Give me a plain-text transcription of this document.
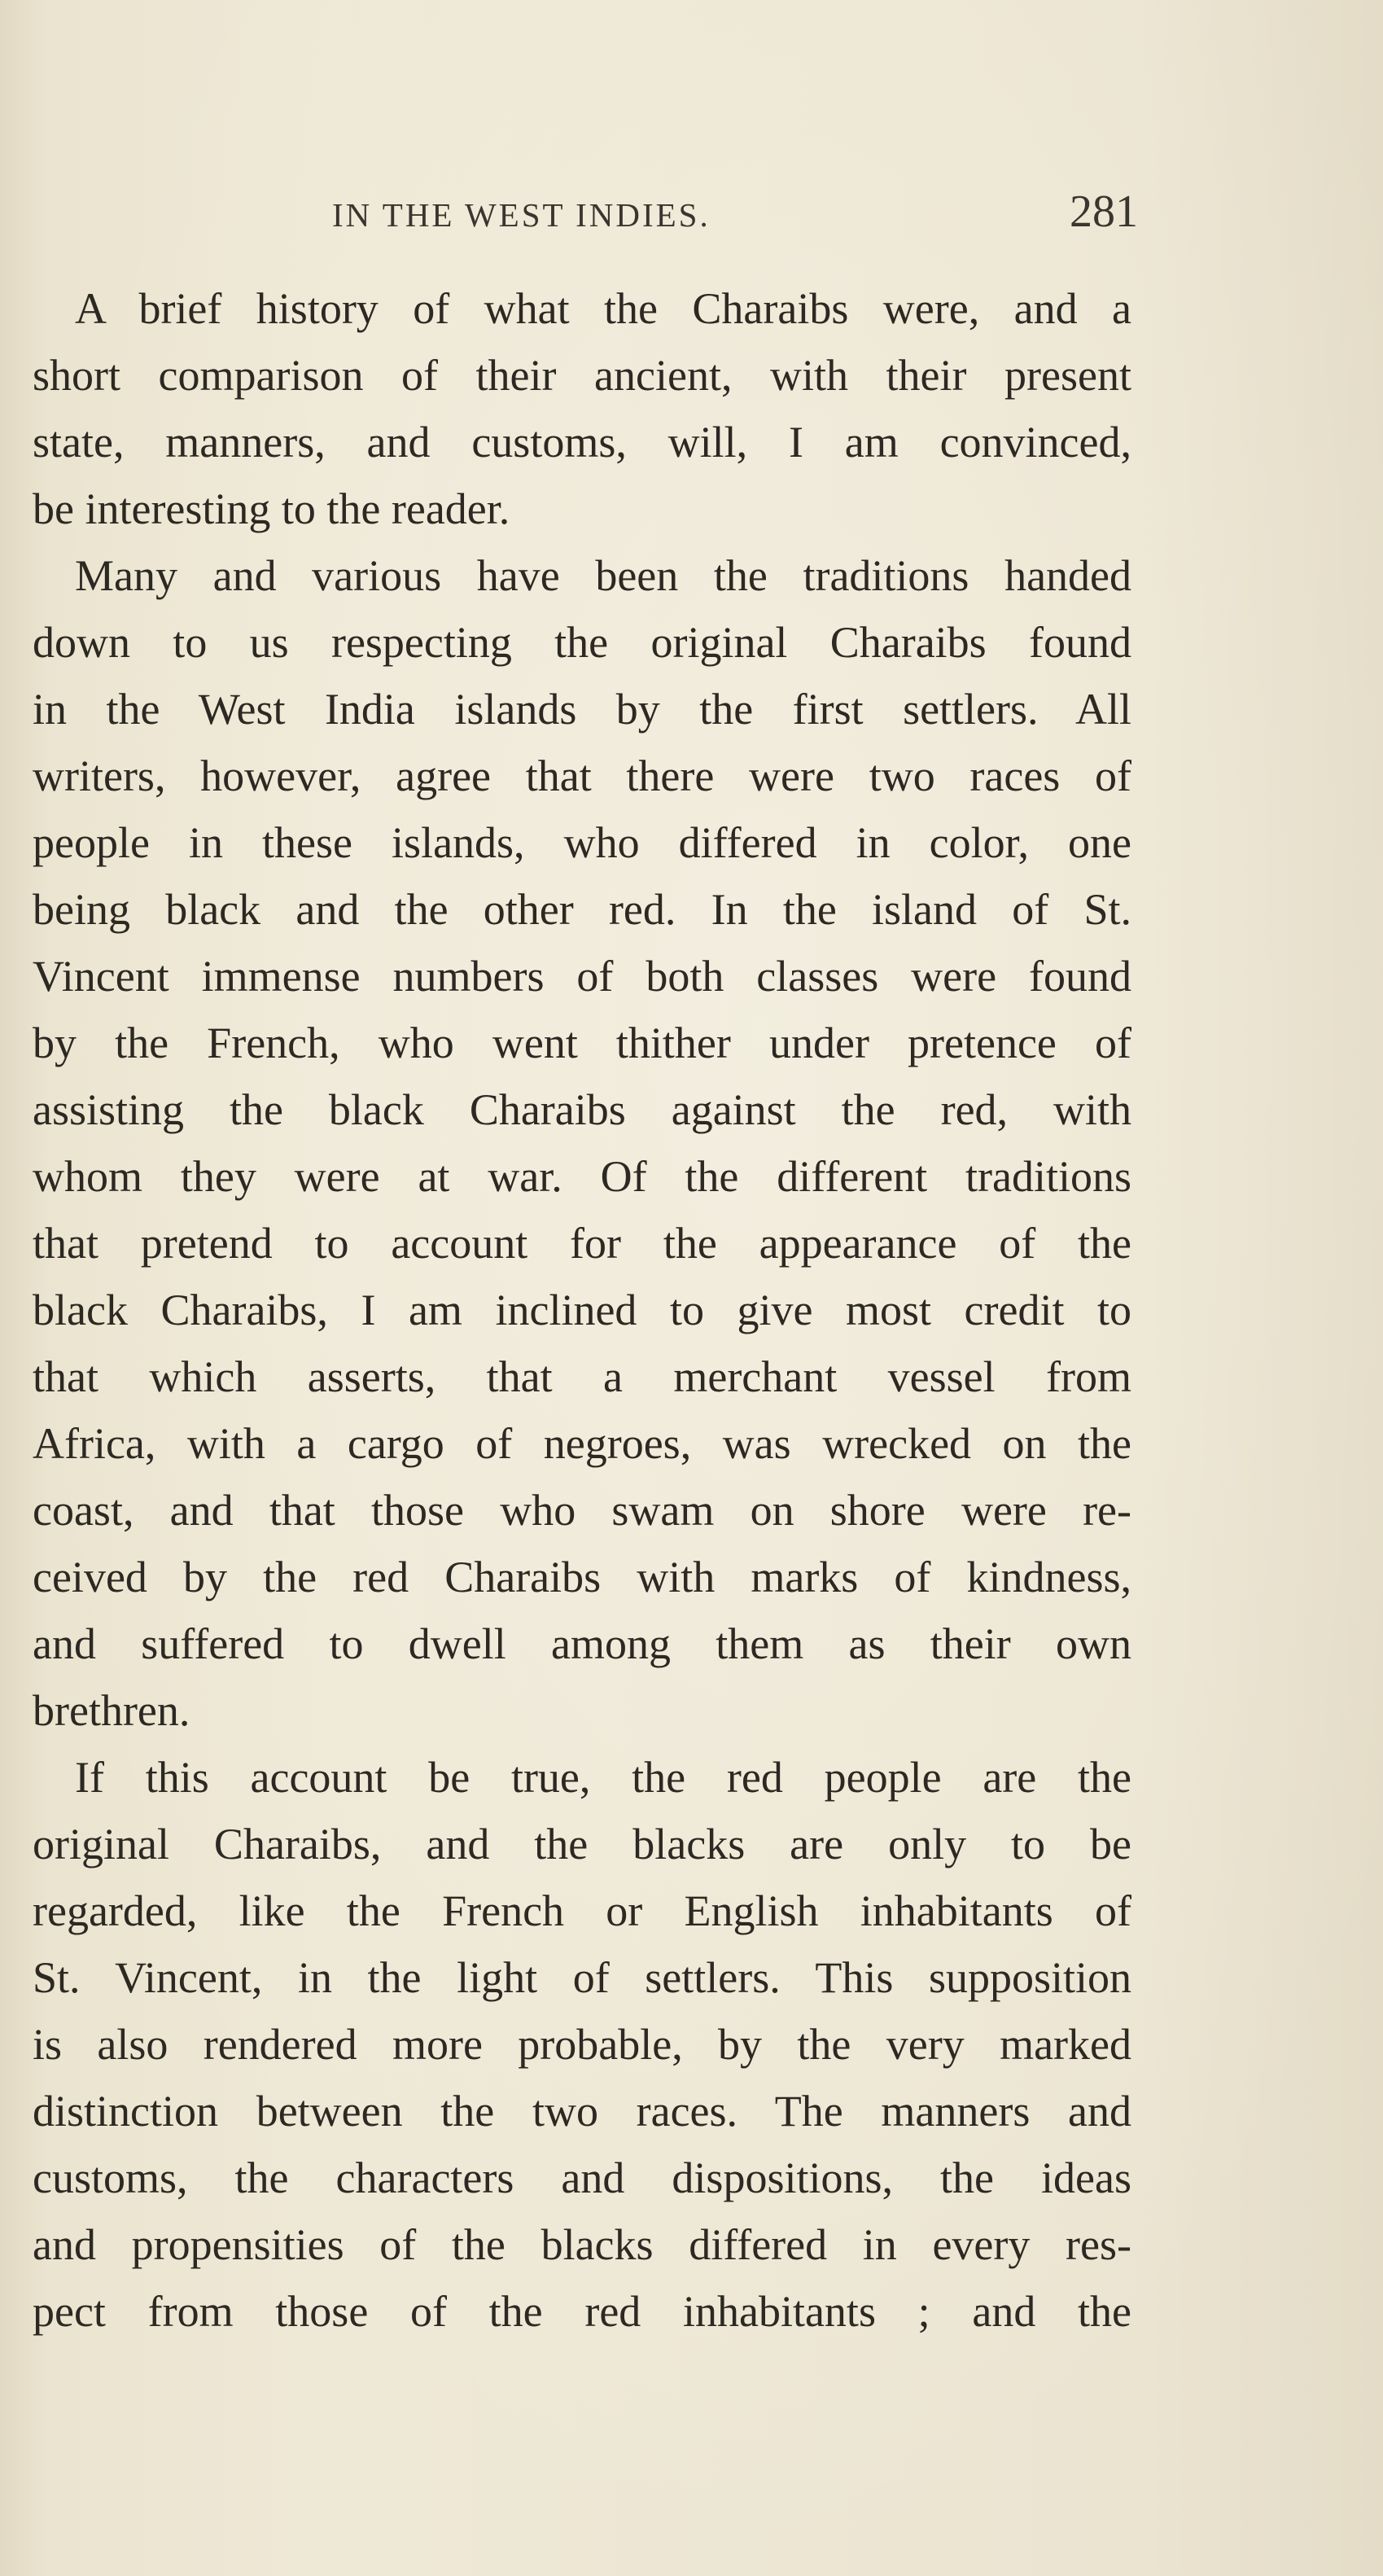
IN THE WEST INDIES.	281
A brief history of what the Charaibs were, and a
short comparison of their ancient, with their present
state, manners, and customs, will, I am convinced,
be interesting to the reader.
Many and various have been the traditions handed
down to us respecting the original Charaibs found
in the West India islands by the first settlers. All
writers, however, agree that there were two races of
people in these islands, who differed in color, one
being black and the other red. In the island of St.
Vincent immense numbers of both classes were found
by the French, who went thither under pretence of
assisting the black Charaibs against the red, with
whom they were at war. Of the different traditions
that pretend to account for the appearance of the
black Charaibs, I am inclined to give most credit to
that which asserts, that a merchant vessel from
Africa, with a cargo of negroes, was wrecked on the
coast, and that those who swam on shore were re-
ceived by the red Charaibs with marks of kindness,
and suffered to dwell among them as their own
brethren.
If this account be true, the red people are the
original Charaibs, and the blacks are only to be
regarded, like the French or English inhabitants of
St. Vincent, in the light of settlers. This supposition
is also rendered more probable, by the very marked
distinction between the two races. The manners and
customs, the characters and dispositions, the ideas
and propensities of the blacks differed in every res-
pect from those of the red inhabitants ; and the
